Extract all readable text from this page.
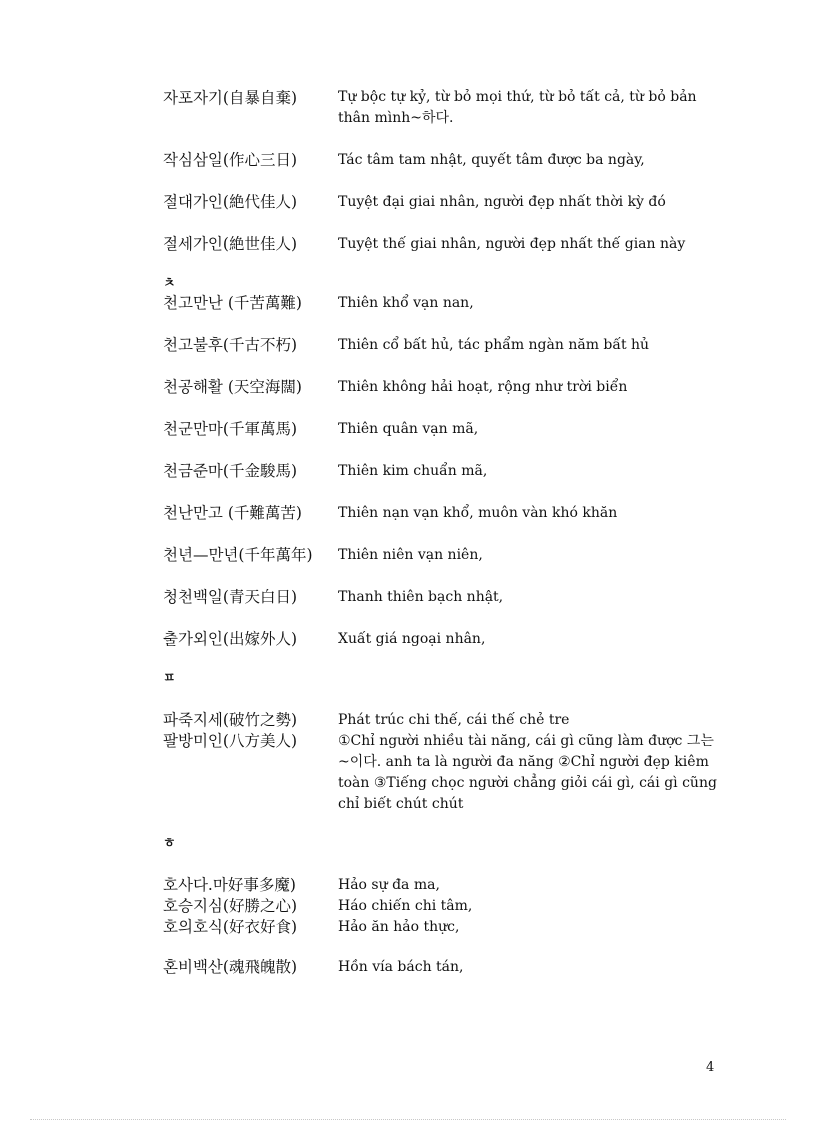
자포자기(自暴自棄)	Tự bộc tự kỷ, từ bỏ mọi thứ, từ bỏ tất cả, từ bỏ bản thân mình~하다.
작심삼일(作心三日)	Tác tâm tam nhật, quyết tâm được ba ngày,
절대가인(絶代佳人)	Tuyệt đại giai nhân, người đẹp nhất thời kỳ đó
절세가인(絶世佳人)	Tuyệt thế giai nhân, người đẹp nhất thế gian này
ㅊ
천고만난 (千苦萬難)	Thiên khổ vạn nan,
천고불후(千古不朽)	Thiên cổ bất hủ, tác phẩm ngàn năm bất hủ
천공해활 (天空海闊)	Thiên không hải hoạt, rộng như trời biển
천군만마(千軍萬馬)	Thiên quân vạn mã,
천금준마(千金駿馬)	Thiên kim chuẩn mã,
천난만고 (千難萬苦)	Thiên nạn vạn khổ, muôn vàn khó khăn
천년—만년(千年萬年) Thiên niên vạn niên,
청천백일(青天白日)	Thanh thiên bạch nhật,
출가외인(出嫁外人)	Xuất giá ngoại nhân,
ㅍ
파죽지세(破竹之勢)	Phát trúc chi thế, cái thế chẻ tre
팔방미인(八方美人)	①Chỉ người nhiều tài năng, cái gì cũng làm được 그는 ~이다. anh ta là người đa năng ②Chỉ người đẹp kiêm toàn ③Tiếng chọc người chẳng giỏi cái gì, cái gì cũng chỉ biết chút chút
ㅎ
호사다.마好事多魔)	Hảo sự đa ma,
호승지심(好勝之心)	Háo chiến chi tâm,
호의호식(好衣好食)	Hảo ăn hảo thực,
혼비백산(魂飛魄散)	Hồn vía bách tán,
4
